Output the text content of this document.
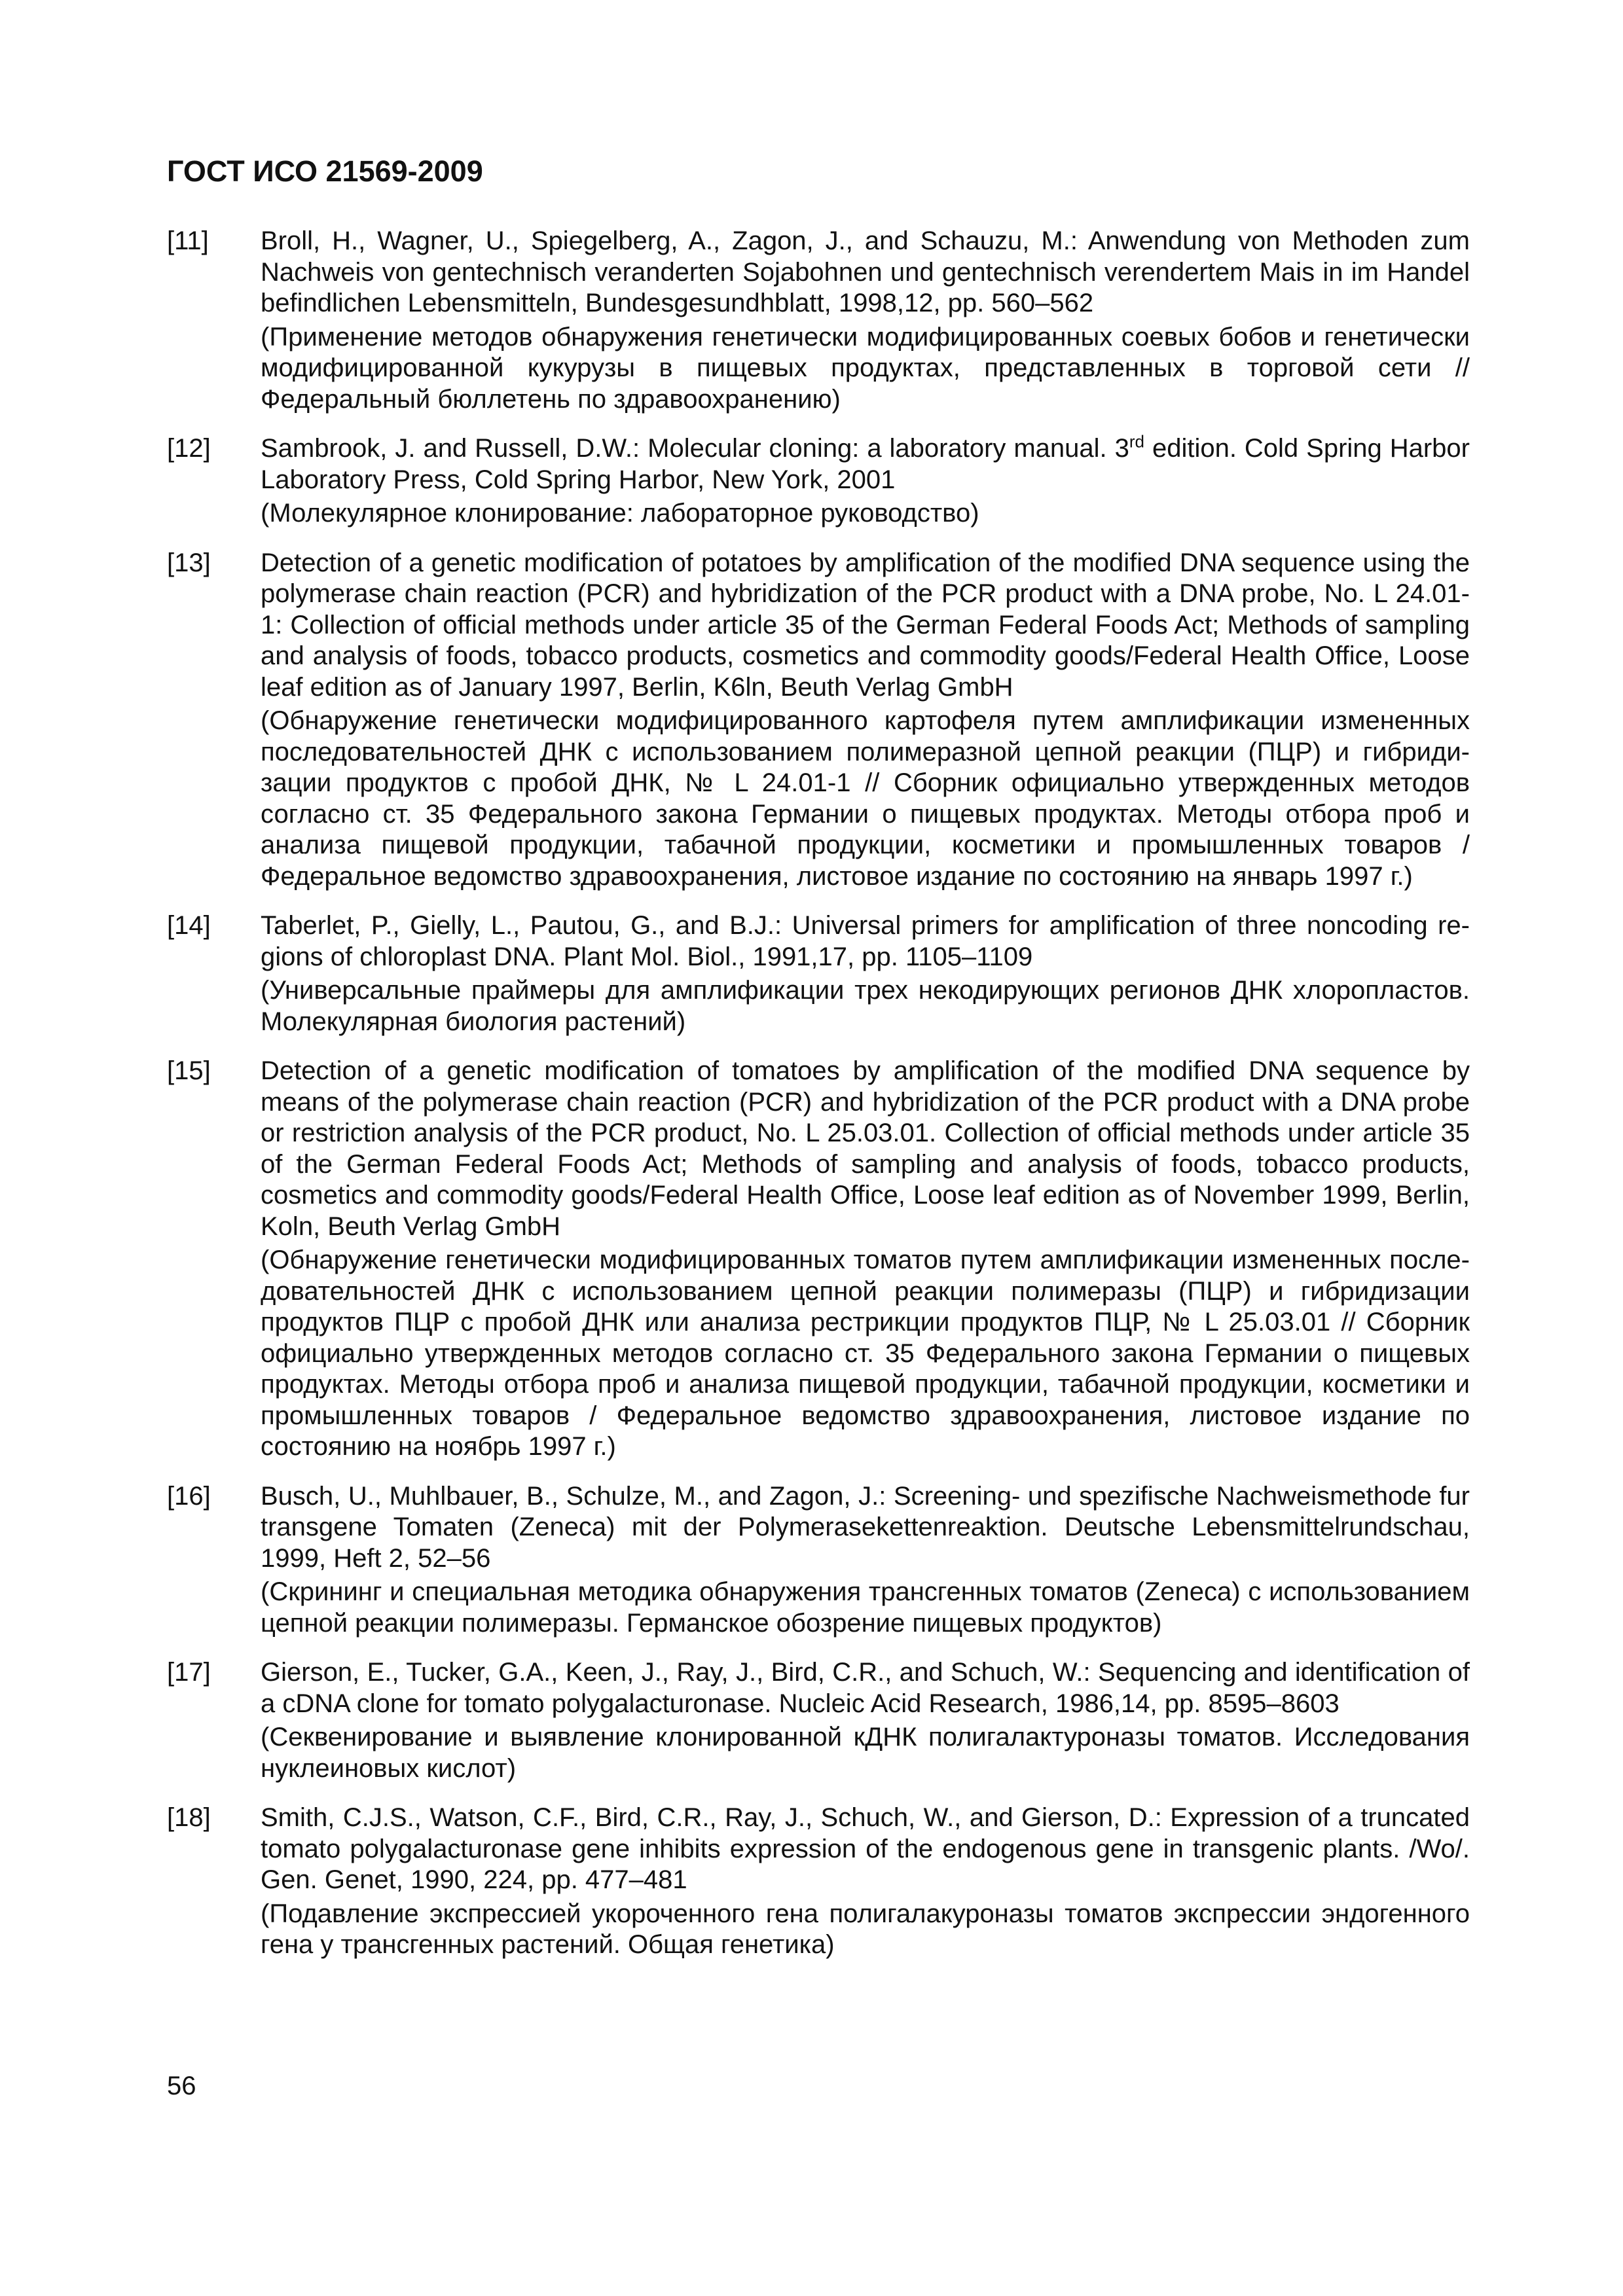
ГОСТ ИСО 21569-2009
[11]	Broll, H., Wagner, U., Spiegelberg, A., Zagon, J., and Schauzu, M.: Anwendung von Methoden zum Nachweis von gentechnisch veranderten Sojabohnen und gentechnisch verendertem Mais in im Handel befindlichen Lebensmitteln, Bundesgesundhblatt, 1998,12, pp. 560–562

(Применение методов обнаружения генетически модифицированных соевых бобов и генетически модифицированной кукурузы в пищевых продуктах, представленных в торговой сети // Федеральный бюллетень по здравоохранению)

[12]	Sambrook, J. and Russell, D.W.: Molecular cloning: a laboratory manual. 3rd edition. Cold Spring Harbor Laboratory Press, Cold Spring Harbor, New York, 2001

(Молекулярное клонирование: лабораторное руководство)

[13]	Detection of a genetic modification of potatoes by amplification of the modified DNA sequence using the polymerase chain reaction (PCR) and hybridization of the PCR product with a DNA probe, No. L 24.01-1: Collection of official methods under article 35 of the German Federal Foods Act; Methods of sampling and analysis of foods, tobacco products, cosmetics and commodity goods/Federal Health Office, Loose leaf edition as of January 1997, Berlin, K6ln, Beuth Verlag GmbH

(Обнаружение генетически модифицированного картофеля путем амплификации измененных последовательностей ДНК с использованием полимеразной цепной реакции (ПЦР) и гибридизации продуктов с пробой ДНК, № L 24.01-1 // Сборник официально утвержденных методов согласно ст. 35 Федерального закона Германии о пищевых продуктах. Методы отбора проб и анализа пищевой продукции, табачной продукции, косметики и промышленных товаров / Федеральное ведомство здравоохранения, листовое издание по состоянию на январь 1997 г.)

[14]	Taberlet, P., Gielly, L., Pautou, G., and B.J.: Universal primers for amplification of three noncoding regions of chloroplast DNA. Plant Mol. Biol., 1991,17, pp. 1105–1109

(Универсальные праймеры для амплификации трех некодирующих регионов ДНК хлоропластов. Молекулярная биология растений)

[15]	Detection of a genetic modification of tomatoes by amplification of the modified DNA sequence by means of the polymerase chain reaction (PCR) and hybridization of the PCR product with a DNA probe or restriction analysis of the PCR product, No. L 25.03.01. Collection of official methods under article 35 of the German Federal Foods Act; Methods of sampling and analysis of foods, tobacco products, cosmetics and commodity goods/Federal Health Office, Loose leaf edition as of November 1999, Berlin, Koln, Beuth Verlag GmbH

(Обнаружение генетически модифицированных томатов путем амплификации измененных последовательностей ДНК с использованием цепной реакции полимеразы (ПЦР) и гибридизации продуктов ПЦР с пробой ДНК или анализа рестрикции продуктов ПЦР, № L 25.03.01 // Сборник официально утвержденных методов согласно ст. 35 Федерального закона Германии о пищевых продуктах. Методы отбора проб и анализа пищевой продукции, табачной продукции, косметики и промышленных товаров / Федеральное ведомство здравоохранения, листовое издание по состоянию на ноябрь 1997 г.)

[16]	Busch, U., Muhlbauer, B., Schulze, M., and Zagon, J.: Screening- und spezifische Nachweismethode fur transgene Tomaten (Zeneca) mit der Polymerasekettenreaktion. Deutsche Lebensmittelrundschau, 1999, Heft 2, 52–56

(Скрининг и специальная методика обнаружения трансгенных томатов (Zeneca) с использованием цепной реакции полимеразы. Германское обозрение пищевых продуктов)

[17]	Gierson, E., Tucker, G.A., Keen, J., Ray, J., Bird, C.R., and Schuch, W.: Sequencing and identification of a cDNA clone for tomato polygalacturonase. Nucleic Acid Research, 1986,14, pp. 8595–8603

(Секвенирование и выявление клонированной кДНК полигалактуроназы томатов. Исследования нуклеиновых кислот)

[18]	Smith, C.J.S., Watson, C.F., Bird, C.R., Ray, J., Schuch, W., and Gierson, D.: Expression of a truncated tomato polygalacturonase gene inhibits expression of the endogenous gene in transgenic plants. /Wo/. Gen. Genet, 1990, 224, pp. 477–481

(Подавление экспрессией укороченного гена полигалакуроназы томатов экспрессии эндогенного гена у трансгенных растений. Общая генетика)

56
